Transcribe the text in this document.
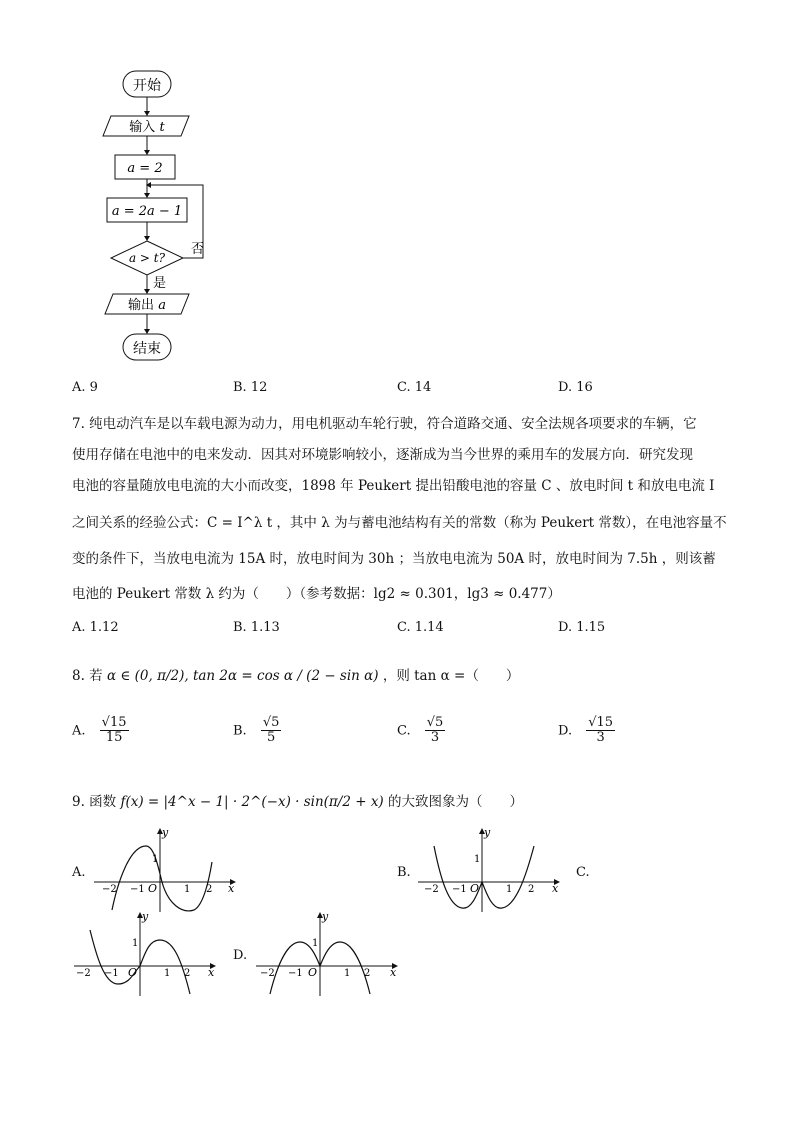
开始
输入 t
a = 2
a = 2a − 1
a > t?
否
是
输出 a
结束
A. 9	B. 12	C. 14	D. 16
7. 纯电动汽车是以车载电源为动力，用电机驱动车轮行驶，符合道路交通、安全法规各项要求的车辆，它
使用存储在电池中的电来发动．因其对环境影响较小，逐渐成为当今世界的乘用车的发展方向．研究发现
电池的容量随放电电流的大小而改变，1898 年 Peukert 提出铅酸电池的容量 C 、放电时间 t 和放电电流 I
之间关系的经验公式：C = I^λ t ，其中 λ 为与蓄电池结构有关的常数（称为 Peukert 常数），在电池容量不
变的条件下，当放电电流为 15A 时，放电时间为 30h ；当放电电流为 50A 时，放电时间为 7.5h ，则该蓄
电池的 Peukert 常数 λ 约为（　　）（参考数据：lg2 ≈ 0.301，lg3 ≈ 0.477）
A. 1.12	B. 1.13	C. 1.14	D. 1.15
8. 若 α ∈ (0, π/2), tan 2α = cos α / (2 − sin α) ，则 tan α =（　　）
A. $\frac{√15}{15}$	B. $\frac{√5}{5}$	C. $\frac{√5}{3}$	D. $\frac{√15}{3}$
9. 函数 f(x) = |4^x − 1| · 2^(−x) · sin(π/2 + x) 的大致图象为（　　）
A.	B.	C.
D.
y
x
O
1
−2 −1	1 2
y
x
O
1
−2 −1	1 2
y
x
O
1
−2 −1	1 2
y
x
O
1
−2 −1	1 2
